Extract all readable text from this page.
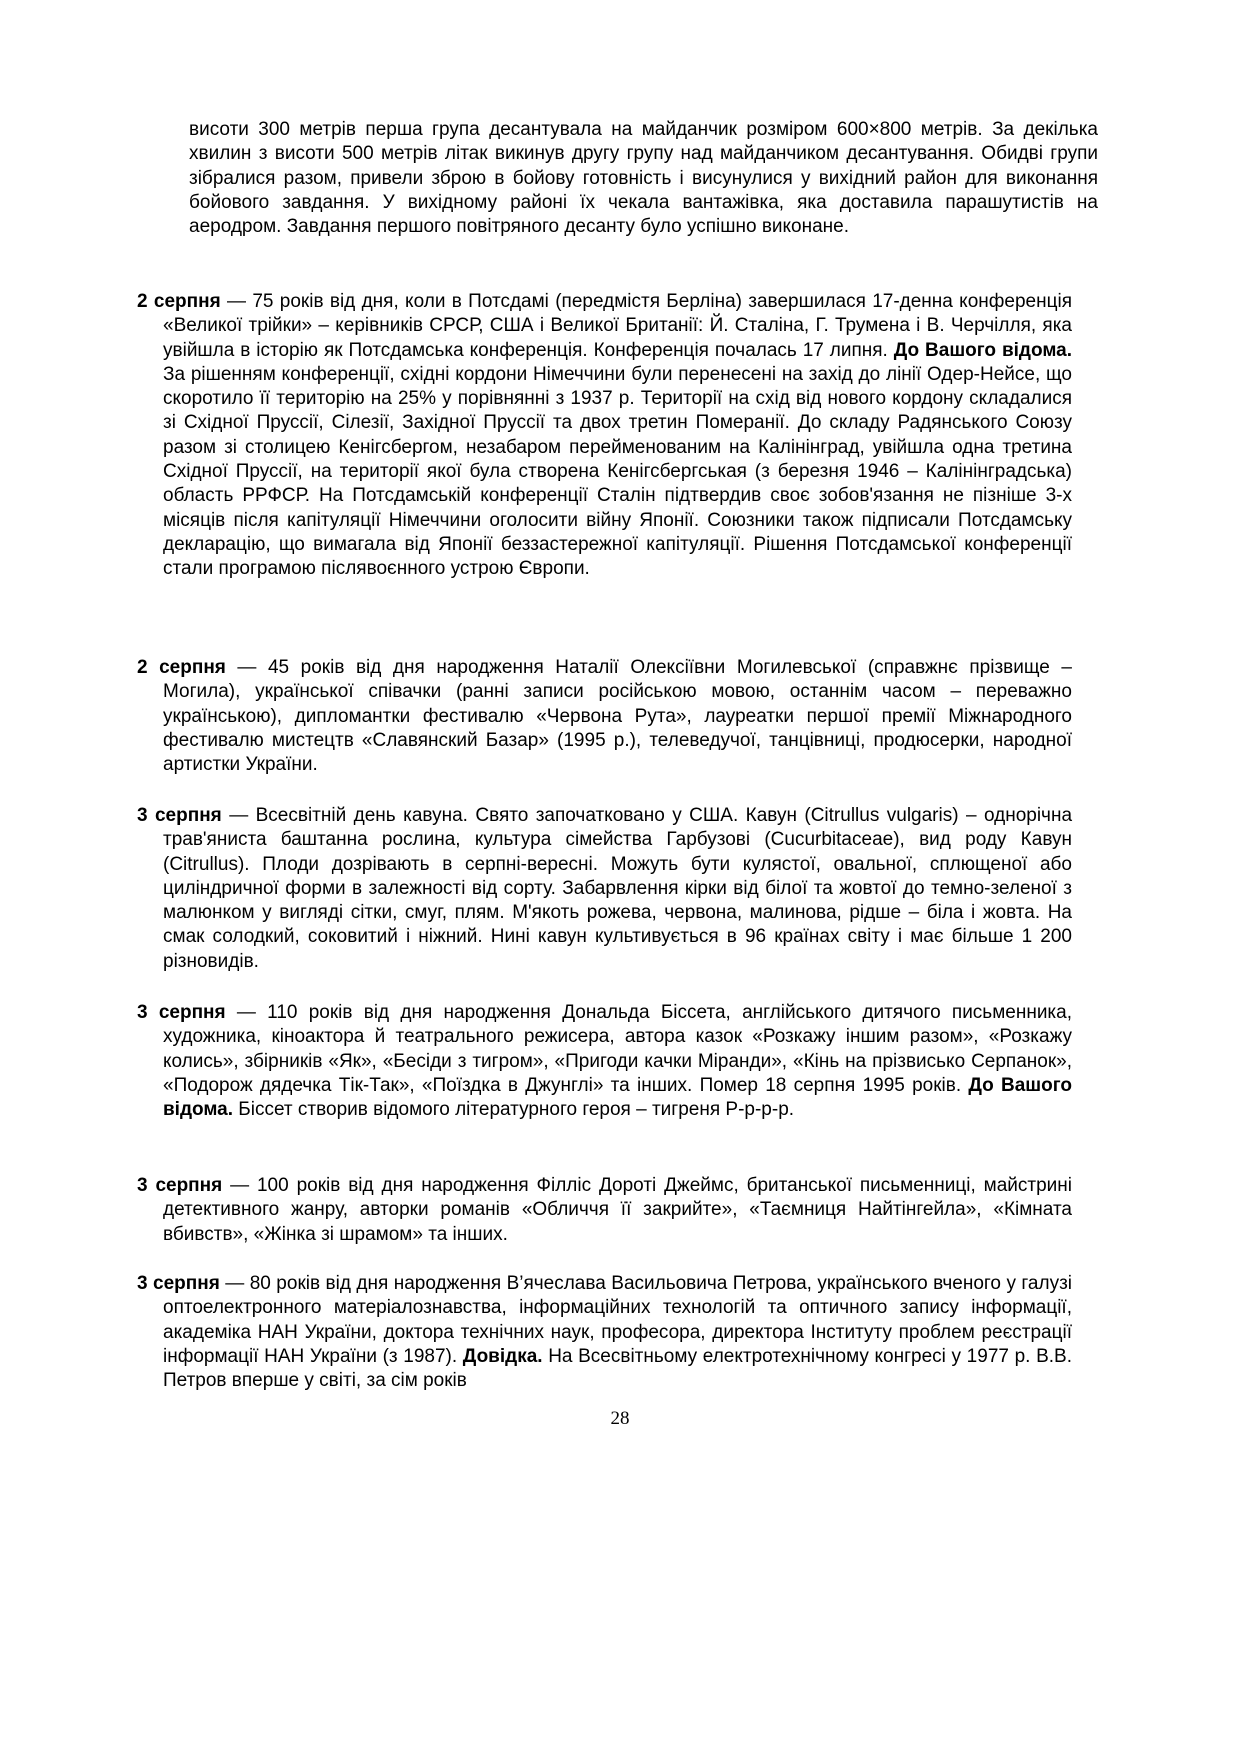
висоти 300 метрів перша група десантувала на майданчик розміром 600×800 метрів. За декілька хвилин з висоти 500 метрів літак викинув другу групу над майданчиком десантування. Обидві групи зібралися разом, привели зброю в бойову готовність і висунулися у вихідний район для виконання бойового завдання. У вихідному районі їх чекала вантажівка, яка доставила парашутистів на аеродром. Завдання першого повітряного десанту було успішно виконане.

2 серпня — 75 років від дня, коли в Потсдамі (передмістя Берліна) завершилася 17-денна конференція «Великої трійки» – керівників СРСР, США і Великої Британії: Й. Сталіна, Г. Трумена і В. Черчілля, яка увійшла в історію як Потсдамська конференція. Конференція почалась 17 липня. До Вашого відома. За рішенням конференції, східні кордони Німеччини були перенесені на захід до лінії Одер-Нейсе, що скоротило її територію на 25% у порівнянні з 1937 р. Території на схід від нового кордону складалися зі Східної Пруссії, Сілезії, Західної Пруссії та двох третин Померанії. До складу Радянського Союзу разом зі столицею Кенігсбергом, незабаром перейменованим на Калінінград, увійшла одна третина Східної Пруссії, на території якої була створена Кенігсбергськая (з березня 1946 – Калінінградська) область РРФСР. На Потсдамській конференції Сталін підтвердив своє зобов'язання не пізніше 3-х місяців після капітуляції Німеччини оголосити війну Японії. Союзники також підписали Потсдамську декларацію, що вимагала від Японії беззастережної капітуляції. Рішення Потсдамської конференції стали програмою післявоєнного устрою Європи.

2 серпня — 45 років від дня народження Наталії Олексіївни Могилевської (справжнє прізвище – Могила), української співачки (ранні записи російською мовою, останнім часом – переважно українською), дипломантки фестивалю «Червона Рута», лауреатки першої премії Міжнародного фестивалю мистецтв «Славянский Базар» (1995 р.), телеведучої, танцівниці, продюсерки, народної артистки України.

3 серпня — Всесвітній день кавуна. Свято започатковано у США. Кавун (Citrullus vulgaris) – однорічна трав'яниста баштанна рослина, культура сімейства Гарбузові (Cucurbitaceae), вид роду Кавун (Citrullus). Плоди дозрівають в серпні-вересні. Можуть бути кулястої, овальної, сплющеної або циліндричної форми в залежності від сорту. Забарвлення кірки від білої та жовтої до темно-зеленої з малюнком у вигляді сітки, смуг, плям. М'якоть рожева, червона, малинова, рідше – біла і жовта. На смак солодкий, соковитий і ніжний. Нині кавун культивується в 96 країнах світу і має більше 1 200 різновидів.

3 серпня — 110 років від дня народження Дональда Біссета, англійського дитячого письменника, художника, кіноактора й театрального режисера, автора казок «Розкажу іншим разом», «Розкажу колись», збірників «Як», «Бесіди з тигром», «Пригоди качки Міранди», «Кінь на прізвисько Серпанок», «Подорож дядечка Тік-Так», «Поїздка в Джунглі» та інших. Помер 18 серпня 1995 років. До Вашого відома. Біссет створив відомого літературного героя – тигреня Р-р-р-р.

3 серпня — 100 років від дня народження Філліс Дороті Джеймс, британської письменниці, майстрині детективного жанру, авторки романів «Обличчя її закрийте», «Таємниця Найтінгейла», «Кімната вбивств», «Жінка зі шрамом» та інших.

3 серпня — 80 років від дня народження В’ячеслава Васильовича Петрова, українського вченого у галузі оптоелектронного матеріалознавства, інформаційних технологій та оптичного запису інформації, академіка НАН України, доктора технічних наук, професора, директора Інституту проблем реєстрації інформації НАН України (з 1987). Довідка. На Всесвітньому електротехнічному конгресі у 1977 р. В.В. Петров вперше у світі, за сім років

28
